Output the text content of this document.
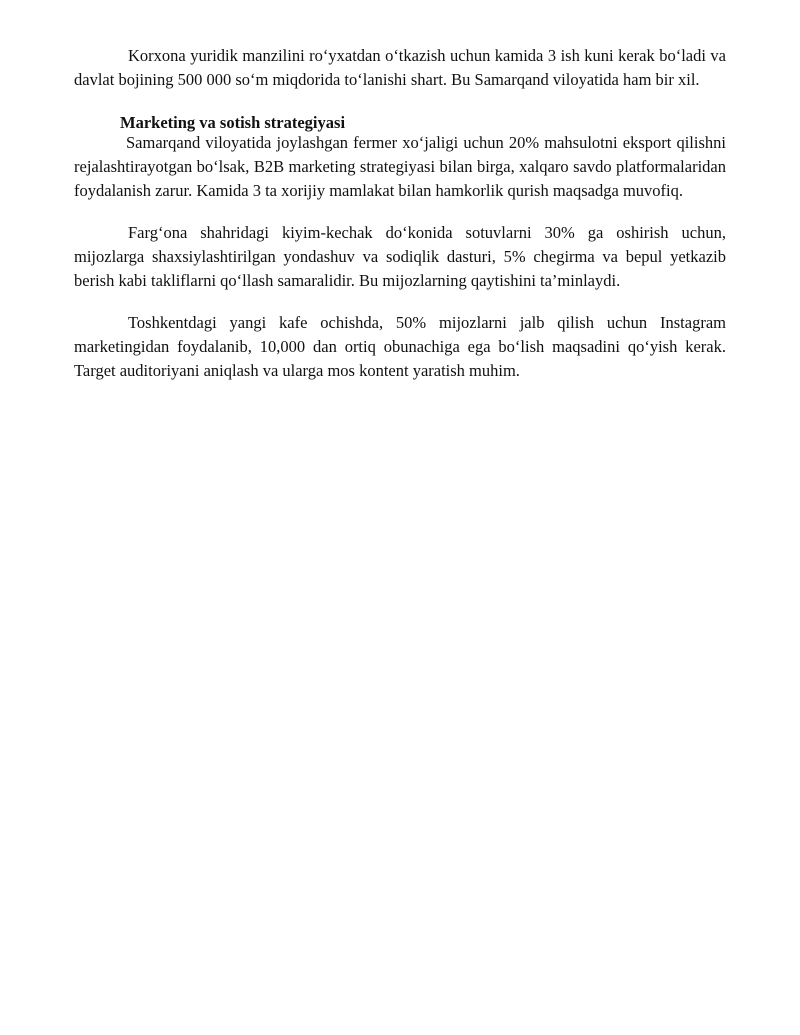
Korxona yuridik manzilini ro‘yxatdan o‘tkazish uchun kamida 3 ish kuni kerak bo‘ladi va davlat bojining 500 000 so‘m miqdorida to‘lanishi shart. Bu Samarqand viloyatida ham bir xil.

Marketing va sotish strategiyasi

Samarqand viloyatida joylashgan fermer xo‘jaligi uchun 20% mahsulotni eksport qilishni rejalashtirayotgan bo‘lsak, B2B marketing strategiyasi bilan birga, xalqaro savdo platformalaridan foydalanish zarur. Kamida 3 ta xorijiy mamlakat bilan hamkorlik qurish maqsadga muvofiq.

Farg‘ona shahridagi kiyim-kechak do‘konida sotuvlarni 30% ga oshirish uchun, mijozlarga shaxsiylashtirilgan yondashuv va sodiqlik dasturi, 5% chegirma va bepul yetkazib berish kabi takliflarni qo‘llash samaralidir. Bu mijozlarning qaytishini ta’minlaydi.

Toshkentdagi yangi kafe ochishda, 50% mijozlarni jalb qilish uchun Instagram marketingidan foydalanib, 10,000 dan ortiq obunachiga ega bo‘lish maqsadini qo‘yish kerak. Target auditoriyani aniqlash va ularga mos kontent yaratish muhim.
